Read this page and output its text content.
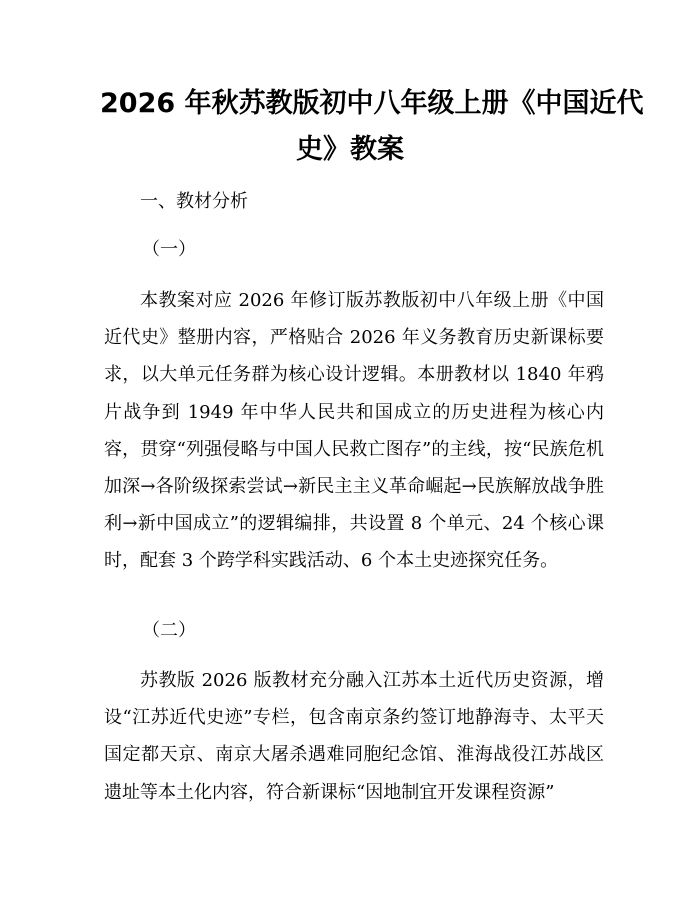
2026 年秋苏教版初中八年级上册《中国近代
史》教案
一、教材分析
（一）

本教案对应 2026 年修订版苏教版初中八年级上册《中国近代史》整册内容，严格贴合 2026 年义务教育历史新课标要求，以大单元任务群为核心设计逻辑。本册教材以 1840 年鸦片战争到 1949 年中华人民共和国成立的历史进程为核心内容，贯穿“列强侵略与中国人民救亡图存”的主线，按“民族危机加深→各阶级探索尝试→新民主主义革命崛起→民族解放战争胜利→新中国成立”的逻辑编排，共设置 8 个单元、24 个核心课时，配套 3 个跨学科实践活动、6 个本土史迹探究任务。

（二）

苏教版 2026 版教材充分融入江苏本土近代历史资源，增设“江苏近代史迹”专栏，包含南京条约签订地静海寺、太平天国定都天京、南京大屠杀遇难同胞纪念馆、淮海战役江苏战区遗址等本土化内容，符合新课标“因地制宜开发课程资源”
